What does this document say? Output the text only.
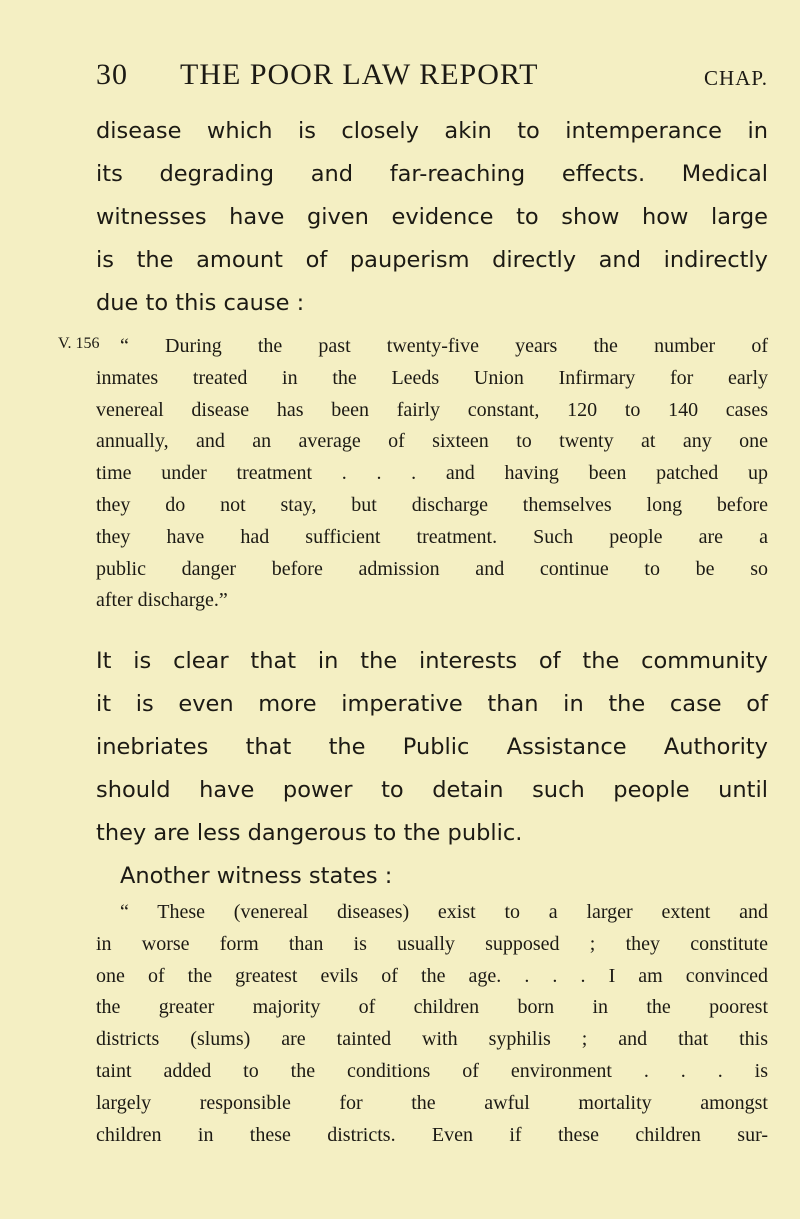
30 THE POOR LAW REPORT	CHAP.
V. 156
disease which is closely akin to intemperance in
its degrading and far-reaching effects. Medical
witnesses have given evidence to show how large
is the amount of pauperism directly and indirectly
due to this cause :
“ During the past twenty-five years the number of
inmates treated in the Leeds Union Infirmary for early
venereal disease has been fairly constant, 120 to 140 cases
annually, and an average of sixteen to twenty at any one
time under treatment . . . and having been patched up
they do not stay, but discharge themselves long before
they have had sufficient treatment. Such people are a
public danger before admission and continue to be so
after discharge.”
It is clear that in the interests of the community
it is even more imperative than in the case of
inebriates that the Public Assistance Authority
should have power to detain such people until
they are less dangerous to the public.
Another witness states :
“ These (venereal diseases) exist to a larger extent and
in worse form than is usually supposed ; they constitute
one of the greatest evils of the age. . . . I am convinced
the greater majority of children born in the poorest
districts (slums) are tainted with syphilis ; and that this
taint added to the conditions of environment . . . is
largely responsible for the awful mortality amongst
children in these districts. Even if these children sur-
